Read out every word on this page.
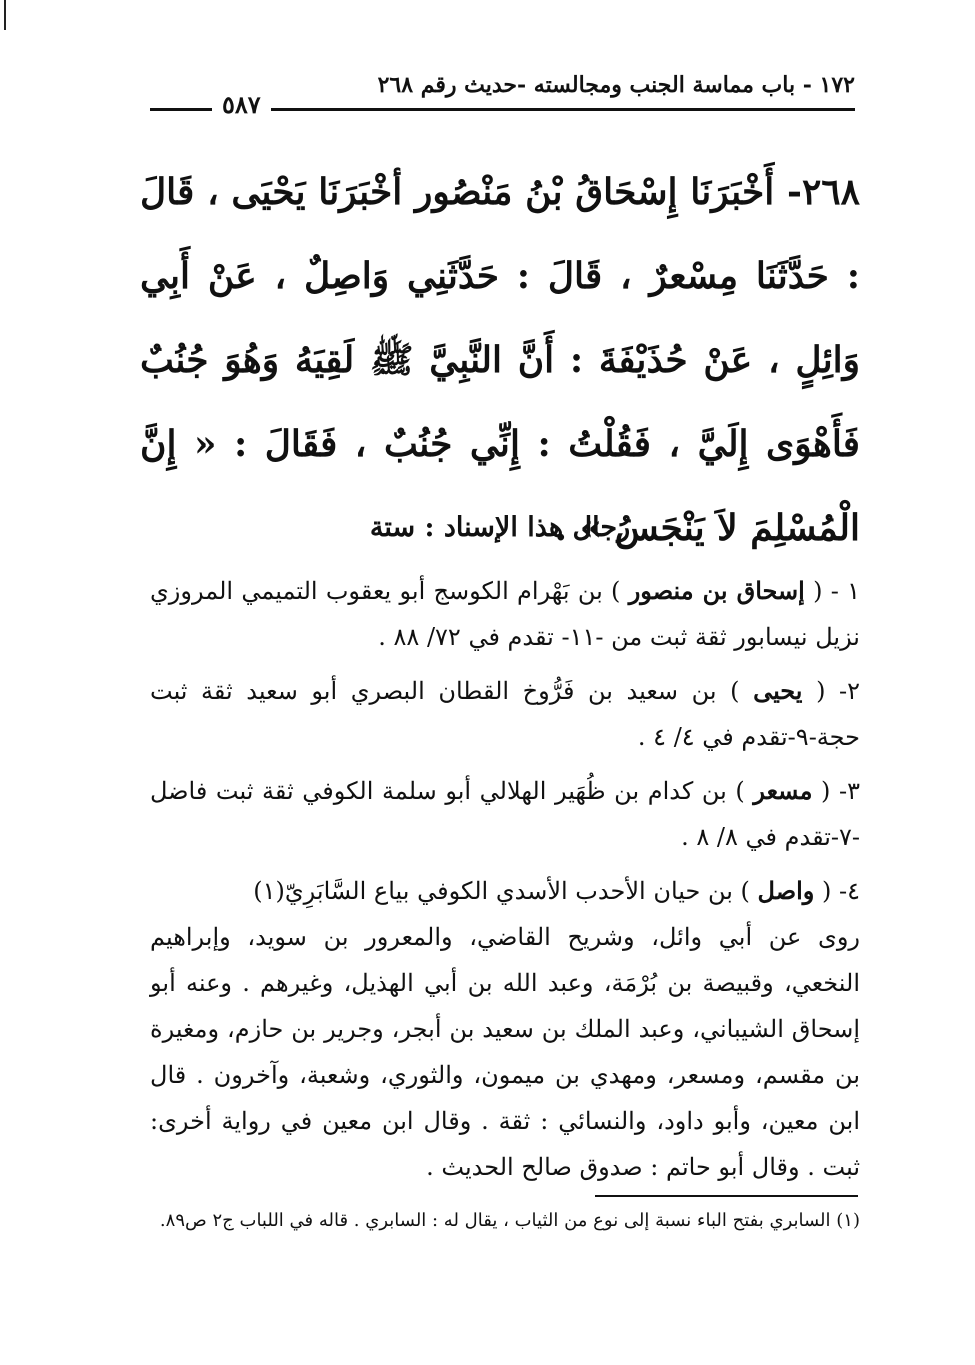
١٧٢ - باب مماسة الجنب ومجالسته -حديث رقم ٢٦٨
٥٨٧
٢٦٨- أَخْبَرَنَا إِسْحَاقُ بْنُ مَنْصُور أخْبَرَنَا يَحْيَى ، قَالَ : حَدَّثَنَا مِسْعرٌ ، قَالَ : حَدَّثَنِي وَاصِلٌ ، عَنْ أَبِي وَائِلٍ ، عَنْ حُذَيْفَةَ : أَنَّ النَّبِيَّ ﷺ لَقِيَهُ وَهُوَ جُنُبٌ فَأَهْوَى إِلَيَّ ، فَقُلْتُ : إِنِّي جُنُبٌ ، فَقَالَ : « إِنَّ الْمُسْلِمَ لاَ يَنْجَسُ » .
رجال هذا الإسناد : ستة

١ - ( إسحاق بن منصور ) بن بَهْرام الكوسج أبو يعقوب التميمي المروزي نزيل نيسابور ثقة ثبت من -١١- تقدم في ٧٢/ ٨٨ .

٢- ( يحيى ) بن سعيد بن فَرُّوخ القطان البصري أبو سعيد ثقة ثبت حجة-٩-تقدم في ٤/ ٤ .

٣- ( مسعر ) بن كدام بن ظُهَير الهلالي أبو سلمة الكوفي ثقة ثبت فاضل -٧-تقدم في ٨/ ٨ .

٤- ( واصل ) بن حيان الأحدب الأسدي الكوفي بياع السَّابَرِيّ(١)

روى عن أبي وائل، وشريح القاضي، والمعرور بن سويد، وإبراهيم النخعي، وقبيصة بن بُرْمَة، وعبد الله بن أبي الهذيل، وغيرهم . وعنه أبو إسحاق الشيباني، وعبد الملك بن سعيد بن أبجر، وجرير بن حازم، ومغيرة بن مقسم، ومسعر، ومهدي بن ميمون، والثوري، وشعبة، وآخرون . قال ابن معين، وأبو داود، والنسائي : ثقة . وقال ابن معين في رواية أخرى: ثبت . وقال أبو حاتم : صدوق صالح الحديث .

(١) السابري بفتح الباء نسبة إلى نوع من الثياب ، يقال له : السابري . قاله في اللباب ج٢ ص٨٩.
